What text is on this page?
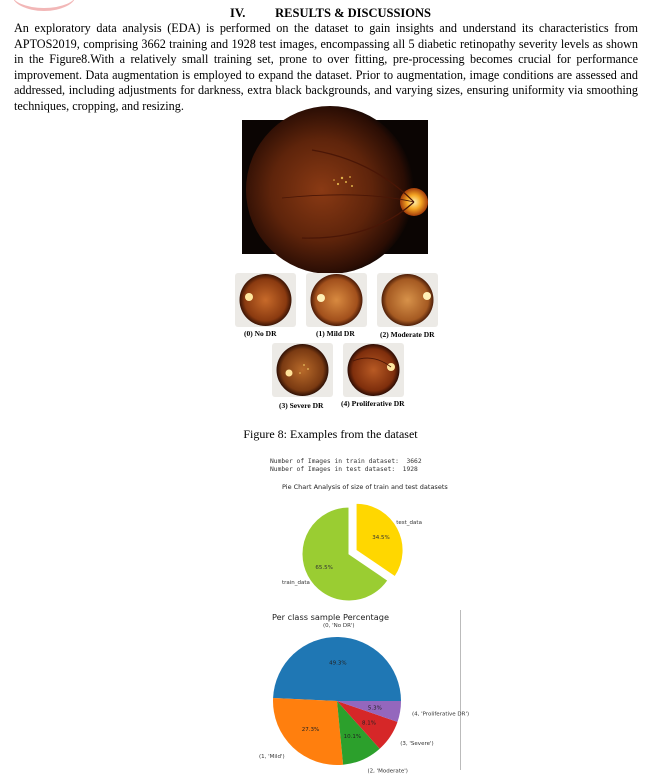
IV. RESULTS & DISCUSSIONS

An exploratory data analysis (EDA) is performed on the dataset to gain insights and understand its characteristics from APTOS2019, comprising 3662 training and 1928 test images, encompassing all 5 diabetic retinopathy severity levels as shown in the Figure8.With a relatively small training set, prone to over fitting, pre-processing becomes crucial for performance improvement. Data augmentation is employed to expand the dataset. Prior to augmentation, image conditions are assessed and addressed, including adjustments for darkness, extra black backgrounds, and varying sizes, ensuring uniformity via smoothing techniques, cropping, and resizing.

(0) No DR	(1) Mild DR	(2) Moderate DR
(3) Severe DR (4) Proliferative DR
Figure 8: Examples from the dataset
Number of Images in train dataset:  3662
Number of Images in test dataset:  1928
Pie Chart Analysis of size of train and test datasets
34.5%
test_data
65.5%
train_data
Per class sample Percentage
49.3%
(0, 'No DR')
27.3%
(1, 'Mild')
10.1%
(2, 'Moderate')
8.1%
(3, 'Severe')
5.3%
(4, 'Proliferative DR')
